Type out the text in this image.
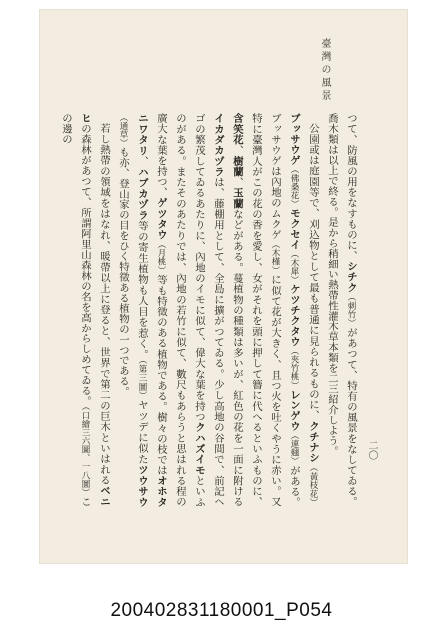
臺灣の風景
二〇

つて、防風の用をなすものに、シチク（刺竹）があつて、特有の風景をなしてゐる。喬木類は以上で終る。是から稍細い熱帶性灌木草本類を二三紹介しよう。

公園或は庭園等で、刈込物として最も普通に見られるものに、クチナシ（黃枝花）ブッサウゲ（佛桑花）モクセイ（木犀）ケツチクタウ（夾竹桃）レンゲウ（連翹）がある。ブッサウゲは內地のムクゲ（木槿）に似て花が大きく、且つ火を吐くやうに赤い。又特に臺灣人がこの花の香を愛し、女がそれを頭に押して簪に代へるといふものに、含笑花、樹蘭、玉蘭などがある。蔓植物の種類は多いが、紅色の花を一面に附けるイカダカヅラは、藤棚用として、全島に擴がつてゐる。少し高地の谷間で、前記ヘゴの繁茂してゐるあたりに、內地のイモに似て、偉大な葉を持つクハズイモといふのがある。またそのあたりでは、內地の若竹に似て、數尺もあらうと思はれる程の廣大な葉を持つ、ゲツタウ（月桃）等も特徵のある植物である。樹々の枝ではオホタニワタリ、ハブカヅラ等の寄生植物も人目を惹く。（第三圖）ヤツデに似たツウサウ（通草）も亦、登山家の目をひく特徵ある植物の一つである。

若し熱帶の領域をはなれ、暖帶以上に登ると、世界で第二の巨木といはれるベニヒの森林があつて、所謂阿里山森林の名を高からしめてゐる。（口繪三六圖、一八圖）この邊の

200402831180001_P054
